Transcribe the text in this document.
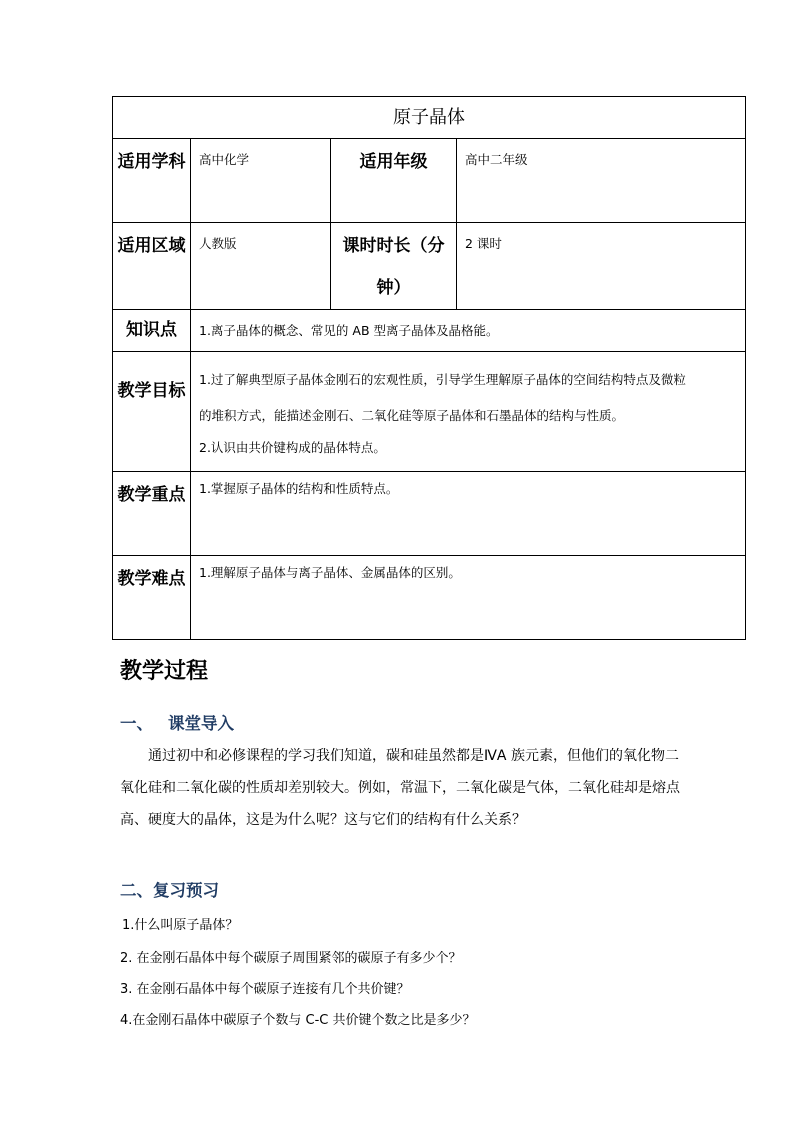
原子晶体			
适用学科	高中化学	适用年级	高中二年级
适用区域	人教版	课时时长（分钟）	2 课时
知识点	1.离子晶体的概念、常见的 AB 型离子晶体及晶格能。		
教学目标	1.过了解典型原子晶体金刚石的宏观性质，引导学生理解原子晶体的空间结构特点及微粒

的堆积方式，能描述金刚石、二氧化硅等原子晶体和石墨晶体的结构与性质。

2.认识由共价键构成的晶体特点。		

教学重点	1.掌握原子晶体的结构和性质特点。		
教学难点	1.理解原子晶体与离子晶体、金属晶体的区别。		
教学过程
一、 课堂导入

通过初中和必修课程的学习我们知道，碳和硅虽然都是ⅣA 族元素，但他们的氧化物二

氧化硅和二氧化碳的性质却差别较大。例如，常温下，二氧化碳是气体，二氧化硅却是熔点

高、硬度大的晶体，这是为什么呢？这与它们的结构有什么关系？

二、复习预习
1.什么叫原子晶体？
2. 在金刚石晶体中每个碳原子周围紧邻的碳原子有多少个？
3. 在金刚石晶体中每个碳原子连接有几个共价键？
4.在金刚石晶体中碳原子个数与 C-C 共价键个数之比是多少？
